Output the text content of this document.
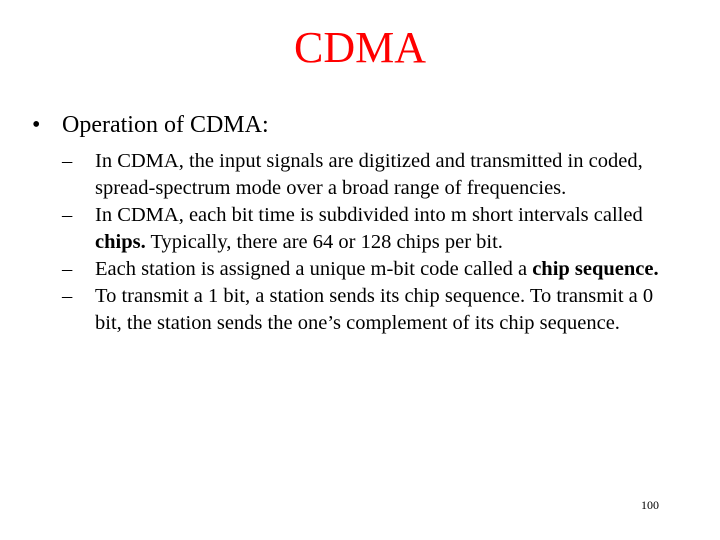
CDMA
• Operation of CDMA:
–	In CDMA, the input signals are digitized and transmitted in coded, spread-spectrum mode over a broad range of frequencies.
–	In CDMA, each bit time is subdivided into m short intervals called chips. Typically, there are 64 or 128 chips per bit.
–	Each station is assigned a unique m-bit code called a chip sequence.
–	To transmit a 1 bit, a station sends its chip sequence. To transmit a 0 bit, the station sends the one’s complement of its chip sequence.
100
